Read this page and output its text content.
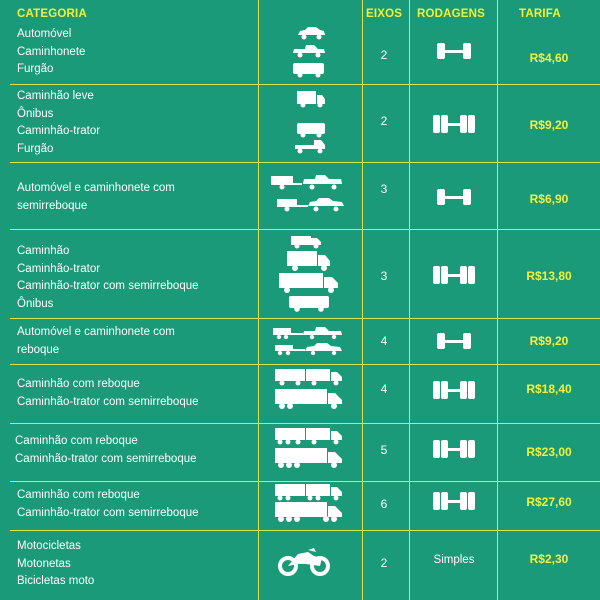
CATEGORIA	EIXOS RODAGENS	TARIFA
Automóvel
Caminhonete
Furgão
2	R$4,60
Caminhão leve
Ônibus
Caminhão-trator
Furgão
2	R$9,20
Automóvel e caminhonete com
semirreboque
3
R$6,90
Caminhão
Caminhão-trator
Caminhão-trator com semirreboque
Ônibus
3	R$13,80
Automóvel e caminhonete com
reboque
4	R$9,20
Caminhão com reboque
Caminhão-trator com semirreboque
4	R$18,40
Caminhão com reboque
Caminhão-trator com semirreboque
5	R$23,00
Caminhão com reboque
Caminhão-trator com semirreboque
6	R$27,60
Motocicletas
Motonetas
Bicicletas moto
2	Simples	R$2,30
